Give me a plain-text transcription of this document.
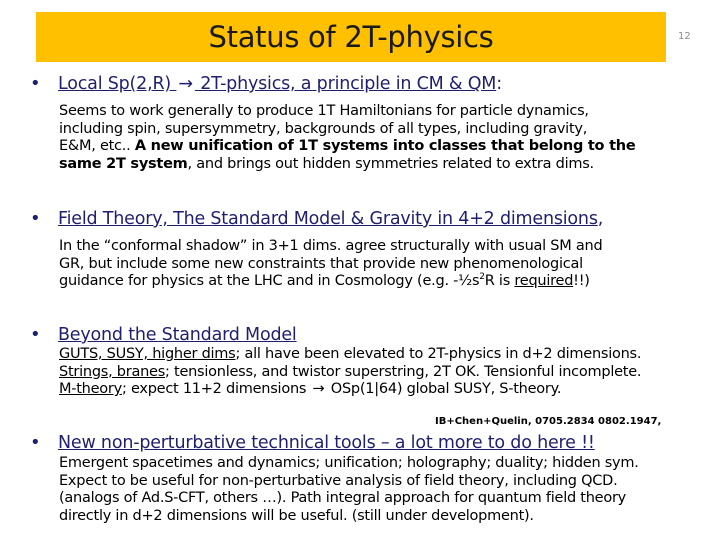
Status of 2T-physics	12
• Local Sp(2,R) → 2T-physics, a principle in CM & QM:
Seems to work generally to produce 1T Hamiltonians for particle dynamics,
including spin, supersymmetry, backgrounds of all types, including gravity,
E&M, etc.. A new unification of 1T systems into classes that belong to the
same 2T system, and brings out hidden symmetries related to extra dims.
• Field Theory, The Standard Model & Gravity in 4+2 dimensions,
In the “conformal shadow” in 3+1 dims. agree structurally with usual SM and
GR, but include some new constraints that provide new phenomenological
guidance for physics at the LHC and in Cosmology (e.g. $-\frac{1}{2}s^2R$ is required!!)
• Beyond the Standard Model
GUTS, SUSY, higher dims; all have been elevated to 2T-physics in d+2 dimensions.
Strings, branes; tensionless, and twistor superstring, 2T OK. Tensionful incomplete.
M-theory; expect 11+2 dimensions → OSp(1|64) global SUSY, S-theory.
IB+Chen+Quelin, 0705.2834 0802.1947,
• New non-perturbative technical tools – a lot more to do here !!
Emergent spacetimes and dynamics; unification; holography; duality; hidden sym.
Expect to be useful for non-perturbative analysis of field theory, including QCD.
(analogs of Ad.S-CFT, others …). Path integral approach for quantum field theory
directly in d+2 dimensions will be useful. (still under development).
